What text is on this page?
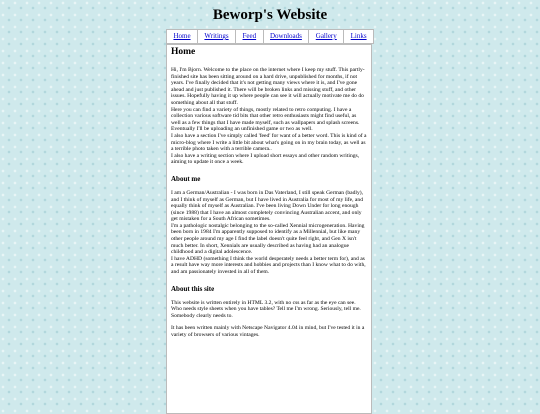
Beworp's Website
Home	Writings	Feed	Downloads	Gallery	Links
Home

Hi, I'm Bjorn. Welcome to the place on the internet where I keep my stuff. This partly-finished site has been sitting around on a hard drive, unpublished for months, if not years. I've finally decided that it's not getting many views where it is, and I've gone ahead and just published it. There will be broken links and missing stuff, and other issues. Hopefully having it up where people can see it will actually motivate me do do something about all that stuff.

Here you can find a variety of things, mostly related to retro computing. I have a collection various software tid bits that other retro enthusiasts might find useful, as well as a few things that I have made myself, such as wallpapers and splash screens. Eventually I'll be uploading an unfinished game or two as well.

I also have a section I've simply called 'feed' for want of a better word. This is kind of a micro-blog where I write a little bit about what's going on in my brain today, as well as a terrible photo taken with a terrible camera..

I also have a writing section where I upload short essays and other random writings, aiming to update it once a week.

About me

I am a German/Australian - I was born in Das Vaterland, I still speak German (badly), and I think of myself as German, but I have lived in Australia for most of my life, and equally think of myself as Australian. I've been living Down Under for long enough (since 1988) that I have an almost completely convincing Australian accent, and only get mistaken for a South African sometimes.

I'm a pathologic nostalgic belonging to the so-called Xennial microgeneration. Having been born in 1984 I'm apparently supposed to identify as a Millennial, but like many other people around my age I find the label doesn't quite feel right, and Gen X isn't much better. In short, Xennials are usually described as having had an analogue childhood and a digital adolescence.

I have ADHD (something I think the world desperately needs a better term for), and as a result have way more interests and hobbies and projects than I know what to do with, and am passionately invested in all of them.

About this site

This website is written entirely in HTML 3.2, with no css as far as the eye can see. Who needs style sheets when you have tables? Tell me I'm wrong. Seriously, tell me. Somebody clearly needs to.

It has been written mainly with Netscape Navigator 4.04 in mind, but I've tested it in a variety of browsers of various vintages.
